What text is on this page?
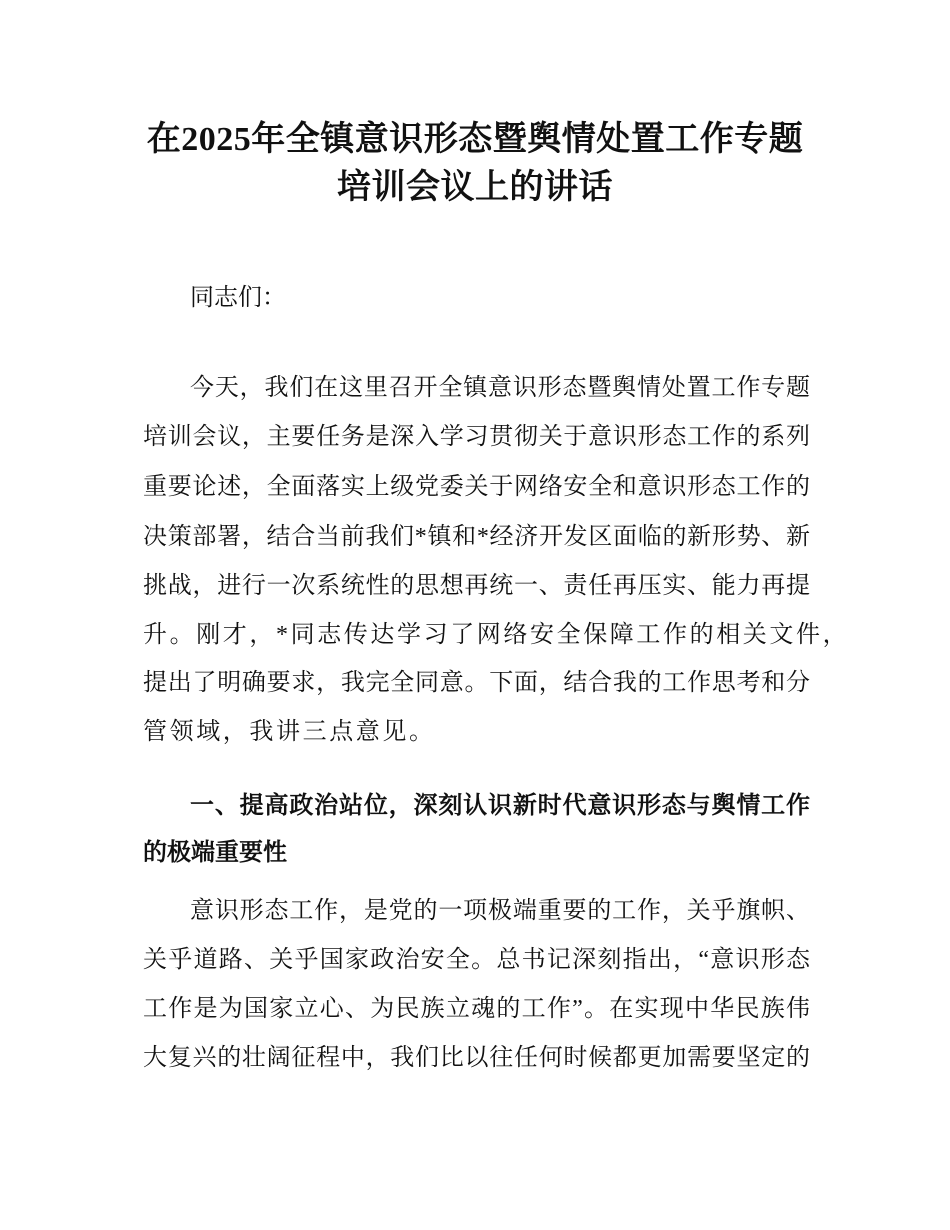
在2025年全镇意识形态暨舆情处置工作专题
培训会议上的讲话
同志们：
今天，我们在这里召开全镇意识形态暨舆情处置工作专题
培训会议，主要任务是深入学习贯彻关于意识形态工作的系列
重要论述，全面落实上级党委关于网络安全和意识形态工作的
决策部署，结合当前我们*镇和*经济开发区面临的新形势、新
挑战，进行一次系统性的思想再统一、责任再压实、能力再提
升。刚才，*同志传达学习了网络安全保障工作的相关文件，
提出了明确要求，我完全同意。下面，结合我的工作思考和分
管领域，我讲三点意见。
一、提高政治站位，深刻认识新时代意识形态与舆情工作
的极端重要性
意识形态工作，是党的一项极端重要的工作，关乎旗帜、
关乎道路、关乎国家政治安全。总书记深刻指出，“意识形态
工作是为国家立心、为民族立魂的工作”。在实现中华民族伟
大复兴的壮阔征程中，我们比以往任何时候都更加需要坚定的
